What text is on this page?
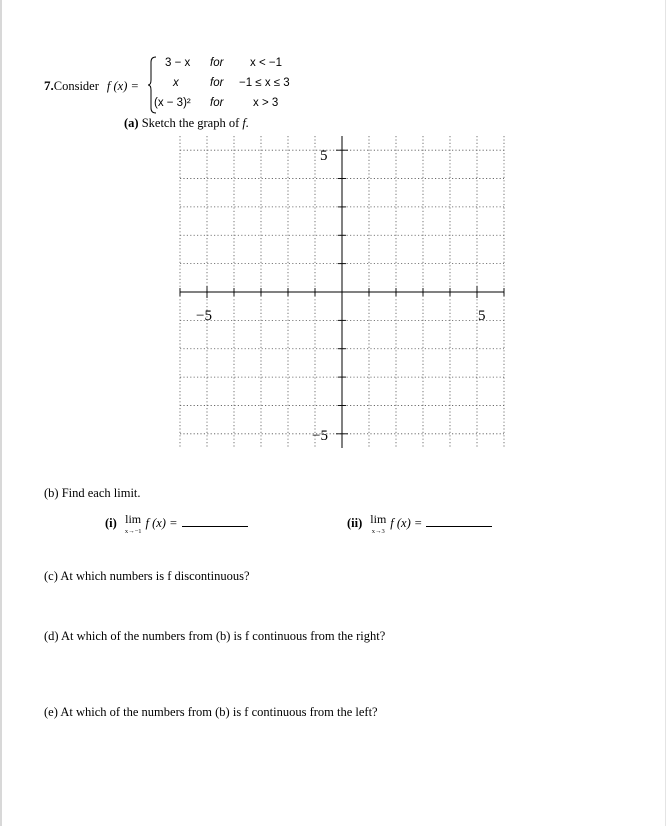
7.Consider f (x) =
3 − x for x < −1
x	for −1 ≤ x ≤ 3
(x − 3)² for	x > 3
(a) Sketch the graph of f.
−5	5
5
−5
(b) Find each limit.
(i) lim
x→−1 f (x) =	(ii) lim
x→3 f (x) =
(c) At which numbers is f discontinuous?
(d) At which of the numbers from (b) is f continuous from the right?
(e) At which of the numbers from (b) is f continuous from the left?
